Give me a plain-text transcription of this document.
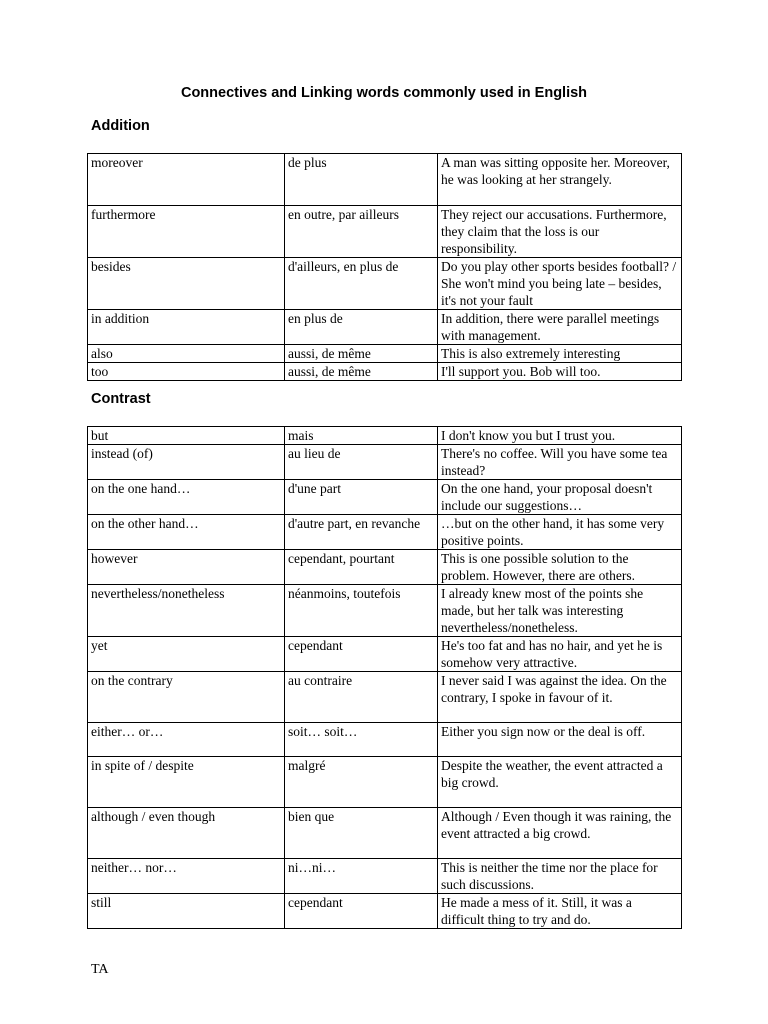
Connectives and Linking words commonly used in English
Addition
moreover	de plus	A man was sitting opposite her. Moreover, he was looking at her strangely.
furthermore	en outre, par ailleurs	They reject our accusations. Furthermore, they claim that the loss is our responsibility.
besides	d'ailleurs, en plus de	Do you play other sports besides football? / She won't mind you being late – besides, it's not your fault
in addition	en plus de	In addition, there were parallel meetings with management.
also	aussi, de même	This is also extremely interesting
too	aussi, de même	I'll support you. Bob will too.
Contrast
but	mais	I don't know you but I trust you.
instead (of)	au lieu de	There's no coffee. Will you have some tea instead?
on the one hand…	d'une part	On the one hand, your proposal doesn't include our suggestions…
on the other hand…	d'autre part, en revanche	…but on the other hand, it has some very positive points.
however	cependant, pourtant	This is one possible solution to the problem. However, there are others.
nevertheless/nonetheless	néanmoins, toutefois	I already knew most of the points she made, but her talk was interesting nevertheless/nonetheless.
yet	cependant	He's too fat and has no hair, and yet he is somehow very attractive.
on the contrary	au contraire	I never said I was against the idea. On the contrary, I spoke in favour of it.
either… or…	soit… soit…	Either you sign now or the deal is off.
in spite of / despite	malgré	Despite the weather, the event attracted a big crowd.
although / even though	bien que	Although / Even though it was raining, the event attracted a big crowd.
neither… nor…	ni…ni…	This is neither the time nor the place for such discussions.
still	cependant	He made a mess of it. Still, it was a difficult thing to try and do.
TA
